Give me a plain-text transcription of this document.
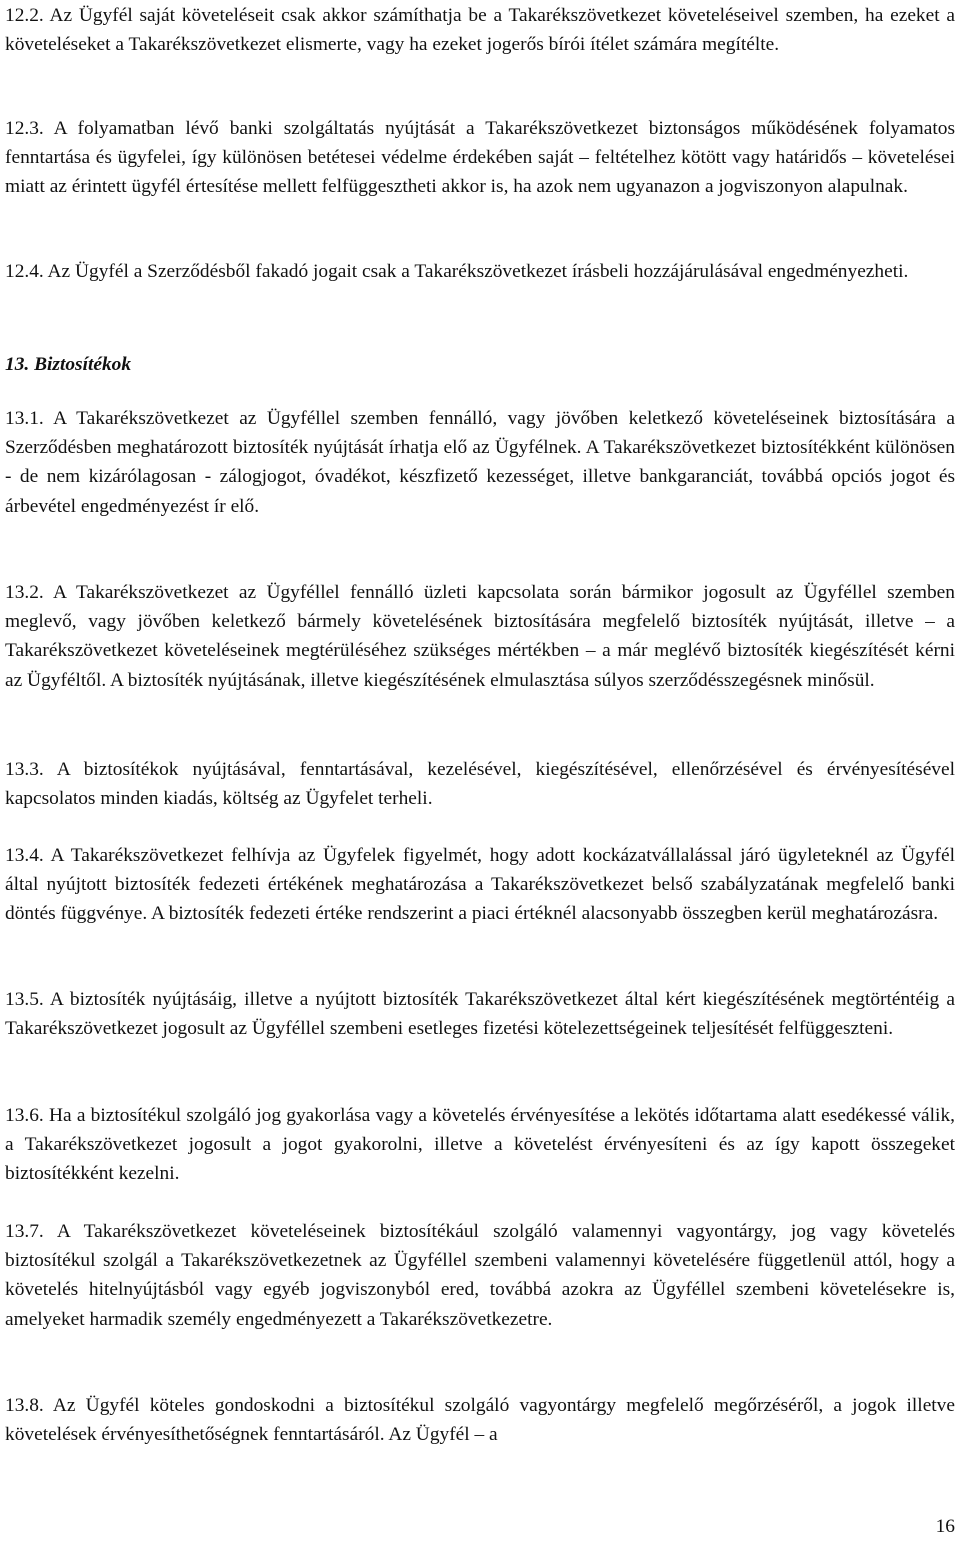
12.2. Az Ügyfél saját követeléseit csak akkor számíthatja be a Takarékszövetkezet követeléseivel szemben, ha ezeket a követeléseket a Takarékszövetkezet elismerte, vagy ha ezeket jogerős bírói ítélet számára megítélte.

12.3. A folyamatban lévő banki szolgáltatás nyújtását a Takarékszövetkezet biztonságos működésének folyamatos fenntartása és ügyfelei, így különösen betétesei védelme érdekében saját – feltételhez kötött vagy határidős – követelései miatt az érintett ügyfél értesítése mellett felfüggesztheti akkor is, ha azok nem ugyanazon a jogviszonyon alapulnak.

12.4. Az Ügyfél a Szerződésből fakadó jogait csak a Takarékszövetkezet írásbeli hozzájárulásával engedményezheti.

13. Biztosítékok

13.1. A Takarékszövetkezet az Ügyféllel szemben fennálló, vagy jövőben keletkező követeléseinek biztosítására a Szerződésben meghatározott biztosíték nyújtását írhatja elő az Ügyfélnek. A Takarékszövetkezet biztosítékként különösen - de nem kizárólagosan - zálogjogot, óvadékot, készfizető kezességet, illetve bankgaranciát, továbbá opciós jogot és árbevétel engedményezést ír elő.

13.2. A Takarékszövetkezet az Ügyféllel fennálló üzleti kapcsolata során bármikor jogosult az Ügyféllel szemben meglevő, vagy jövőben keletkező bármely követelésének biztosítására megfelelő biztosíték nyújtását, illetve – a Takarékszövetkezet követeléseinek megtérüléséhez szükséges mértékben – a már meglévő biztosíték kiegészítését kérni az Ügyféltől. A biztosíték nyújtásának, illetve kiegészítésének elmulasztása súlyos szerződésszegésnek minősül.

13.3. A biztosítékok nyújtásával, fenntartásával, kezelésével, kiegészítésével, ellenőrzésével és érvényesítésével kapcsolatos minden kiadás, költség az Ügyfelet terheli.

13.4. A Takarékszövetkezet felhívja az Ügyfelek figyelmét, hogy adott kockázatvállalással járó ügyleteknél az Ügyfél által nyújtott biztosíték fedezeti értékének meghatározása a Takarékszövetkezet belső szabályzatának megfelelő banki döntés függvénye. A biztosíték fedezeti értéke rendszerint a piaci értéknél alacsonyabb összegben kerül meghatározásra.

13.5. A biztosíték nyújtásáig, illetve a nyújtott biztosíték Takarékszövetkezet által kért kiegészítésének megtörténtéig a Takarékszövetkezet jogosult az Ügyféllel szembeni esetleges fizetési kötelezettségeinek teljesítését felfüggeszteni.

13.6. Ha a biztosítékul szolgáló jog gyakorlása vagy a követelés érvényesítése a lekötés időtartama alatt esedékessé válik, a Takarékszövetkezet jogosult a jogot gyakorolni, illetve a követelést érvényesíteni és az így kapott összegeket biztosítékként kezelni.

13.7. A Takarékszövetkezet követeléseinek biztosítékául szolgáló valamennyi vagyontárgy, jog vagy követelés biztosítékul szolgál a Takarékszövetkezetnek az Ügyféllel szembeni valamennyi követelésére függetlenül attól, hogy a követelés hitelnyújtásból vagy egyéb jogviszonyból ered, továbbá azokra az Ügyféllel szembeni követelésekre is, amelyeket harmadik személy engedményezett a Takarékszövetkezetre.

13.8. Az Ügyfél köteles gondoskodni a biztosítékul szolgáló vagyontárgy megfelelő megőrzéséről, a jogok illetve követelések érvényesíthetőségnek fenntartásáról. Az Ügyfél – a

16
